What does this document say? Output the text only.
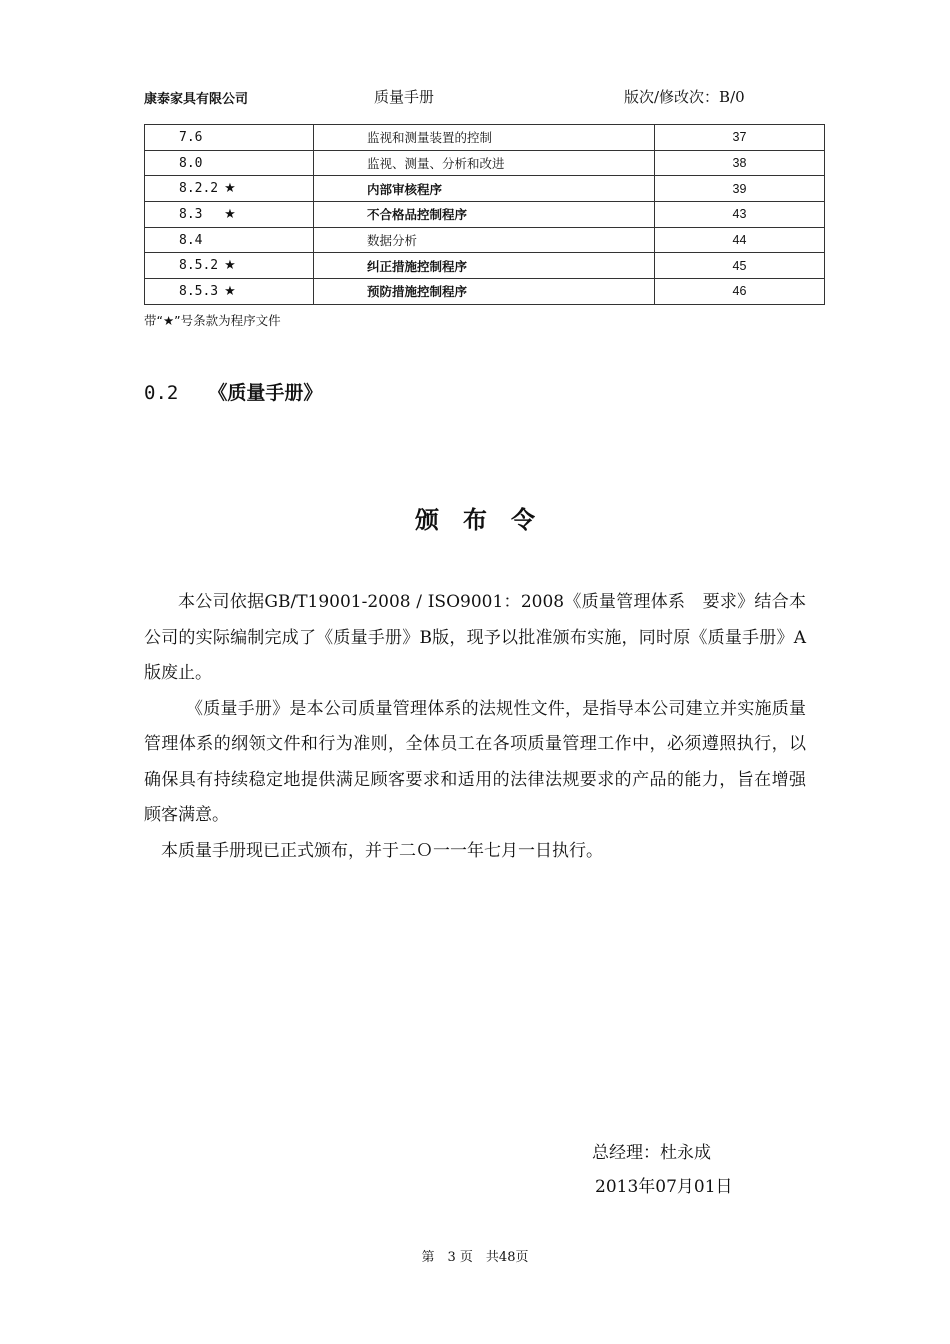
康泰家具有限公司	质量手册	版次/修改次：B/0
7.6	监视和测量装置的控制	37
8.0	监视、测量、分析和改进	38
8.2.2 ★	内部审核程序	39
8.3  ★	不合格品控制程序	43
8.4	数据分析	44
8.5.2 ★	纠正措施控制程序	45
8.5.3 ★	预防措施控制程序	46
带“★”号条款为程序文件
0.2 《质量手册》
颁布令

本公司依据GB/T19001-2008 / ISO9001：2008《质量管理体系　要求》结合本公司的实际编制完成了《质量手册》B版，现予以批准颁布实施，同时原《质量手册》A版废止。

《质量手册》是本公司质量管理体系的法规性文件，是指导本公司建立并实施质量管理体系的纲领文件和行为准则，全体员工在各项质量管理工作中，必须遵照执行，以确保具有持续稳定地提供满足顾客要求和适用的法律法规要求的产品的能力，旨在增强顾客满意。

本质量手册现已正式颁布，并于二Ｏ一一年七月一日执行。

总经理：杜永成
2013年07月01日
第　3 页　共48页
